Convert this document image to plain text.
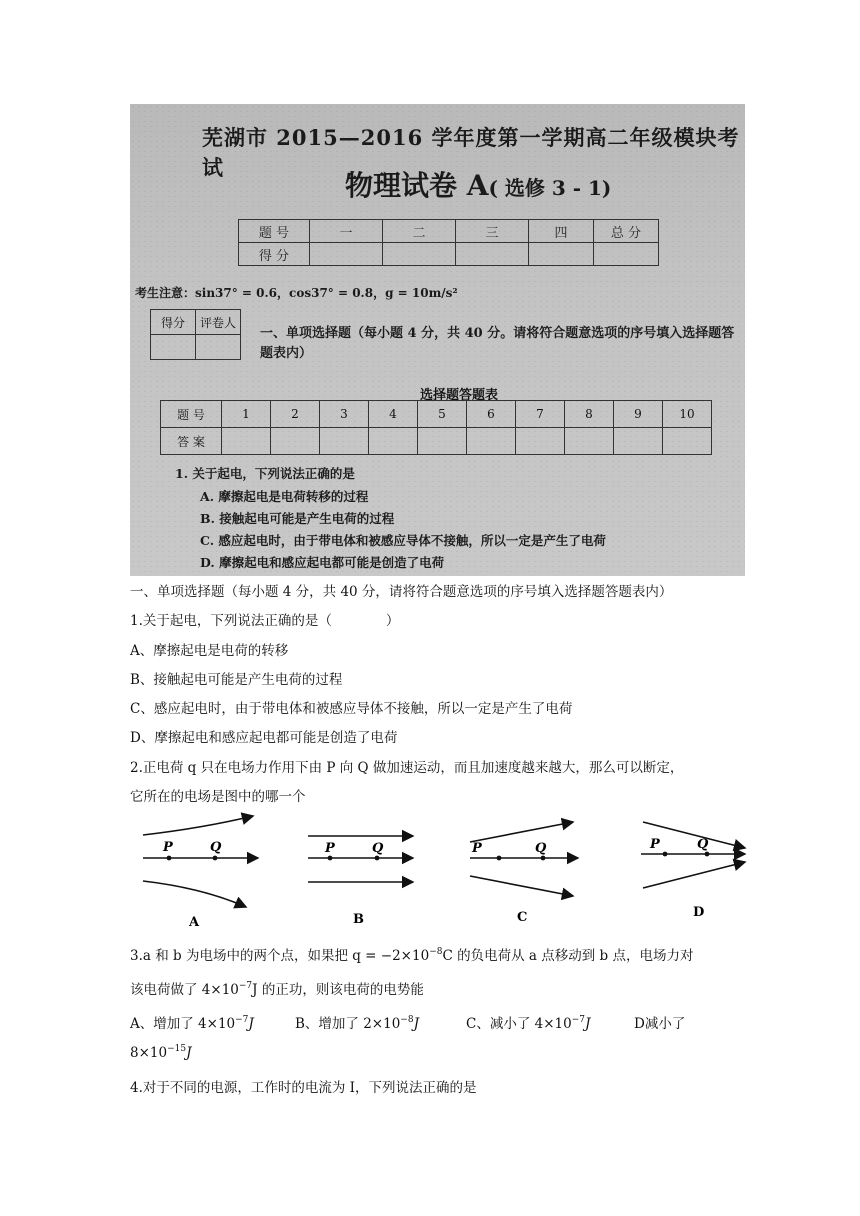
芜湖市 2015—2016 学年度第一学期高二年级模块考试
物理试卷 A( 选修 3 - 1)
题 号	一	二	三	四	总 分
得 分					
考生注意：sin37° = 0.6，cos37° = 0.8，g = 10m/s²
得分	评卷人

一、单项选择题（每小题 4 分，共 40 分。请将符合题意选项的序号填入选择题答题表内）
选择题答题表
题 号	1	2	3	4	5	6	7	8	9	10
答 案										
1. 关于起电，下列说法正确的是
A. 摩擦起电是电荷转移的过程
B. 接触起电可能是产生电荷的过程
C. 感应起电时，由于带电体和被感应导体不接触，所以一定是产生了电荷
D. 摩擦起电和感应起电都可能是创造了电荷
一、单项选择题（每小题 4 分，共 40 分，请将符合题意选项的序号填入选择题答题表内）
1.关于起电，下列说法正确的是（　　　　）
A、摩擦起电是电荷的转移
B、接触起电可能是产生电荷的过程
C、感应起电时，由于带电体和被感应导体不接触，所以一定是产生了电荷
D、摩擦起电和感应起电都可能是创造了电荷
2.正电荷 q 只在电场力作用下由 P 向 Q 做加速运动，而且加速度越来越大，那么可以断定，
它所在的电场是图中的哪一个
P	Q
A
P	Q
B
P	Q
C
P	Q
D
3.a 和 b 为电场中的两个点，如果把 $q = -2\times 10^{-8}C$ 的负电荷从 a 点移动到 b 点，电场力对
该电荷做了 $4\times 10^{-7}J$ 的正功，则该电荷的电势能
A、增加了 $4\times 10^{-7}J$	B、增加了 $2\times 10^{-8}J$	C、减小了 $4\times 10^{-7}J$	D减小了
$8\times 10^{-15}J$
4.对于不同的电源，工作时的电流为 I，下列说法正确的是
